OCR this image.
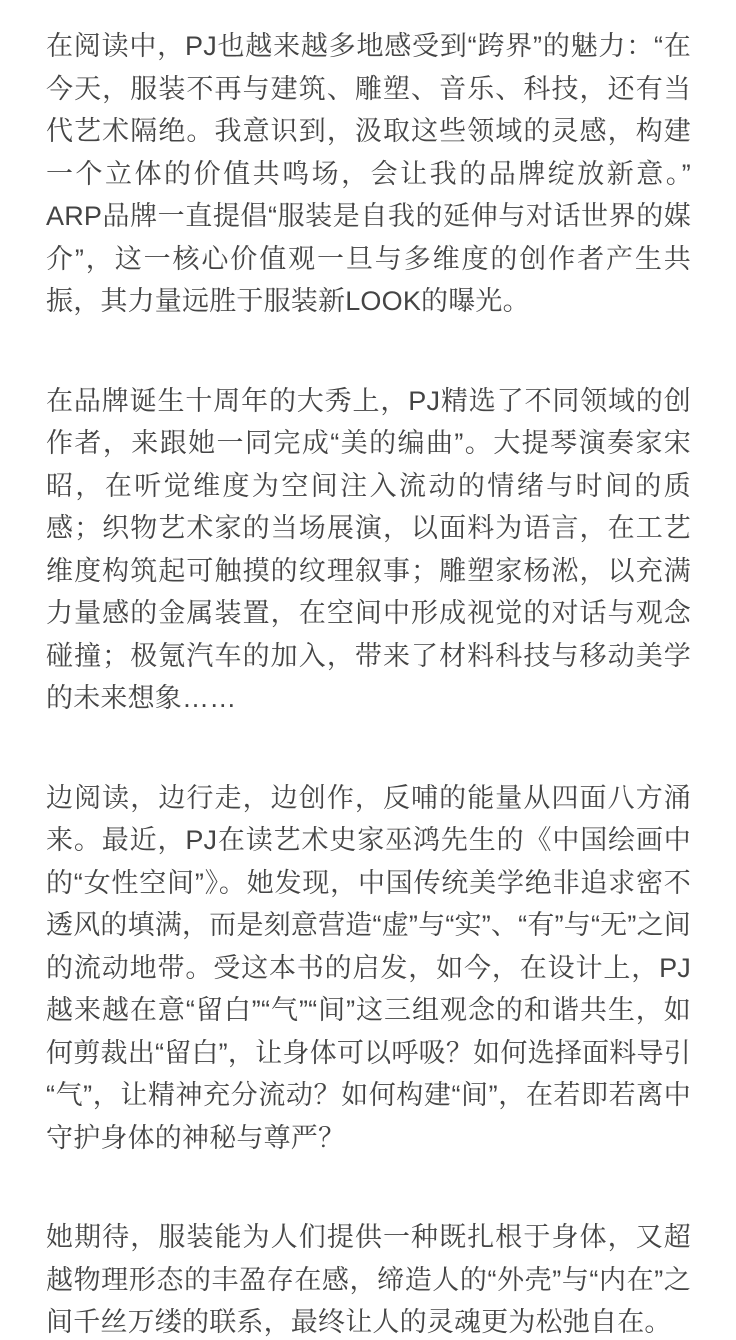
在阅读中，PJ也越来越多地感受到“跨界”的魅力：“在今天，服装不再与建筑、雕塑、音乐、科技，还有当代艺术隔绝。我意识到，汲取这些领域的灵感，构建一个立体的价值共鸣场，会让我的品牌绽放新意。”ARP品牌一直提倡“服装是自我的延伸与对话世界的媒介”，这一核心价值观一旦与多维度的创作者产生共振，其力量远胜于服装新LOOK的曝光。

在品牌诞生十周年的大秀上，PJ精选了不同领域的创作者，来跟她一同完成“美的编曲”。大提琴演奏家宋昭，在听觉维度为空间注入流动的情绪与时间的质感；织物艺术家的当场展演，以面料为语言，在工艺维度构筑起可触摸的纹理叙事；雕塑家杨淞，以充满力量感的金属装置，在空间中形成视觉的对话与观念碰撞；极氪汽车的加入，带来了材料科技与移动美学的未来想象……

边阅读，边行走，边创作，反哺的能量从四面八方涌来。最近，PJ在读艺术史家巫鸿先生的《中国绘画中的“女性空间”》。她发现，中国传统美学绝非追求密不透风的填满，而是刻意营造“虚”与“实”、“有”与“无”之间的流动地带。受这本书的启发，如今，在设计上，PJ越来越在意“留白”“气”“间”这三组观念的和谐共生，如何剪裁出“留白”，让身体可以呼吸？如何选择面料导引“气”，让精神充分流动？如何构建“间”，在若即若离中守护身体的神秘与尊严？

她期待，服装能为人们提供一种既扎根于身体，又超越物理形态的丰盈存在感，缔造人的“外壳”与“内在”之间千丝万缕的联系，最终让人的灵魂更为松弛自在。
